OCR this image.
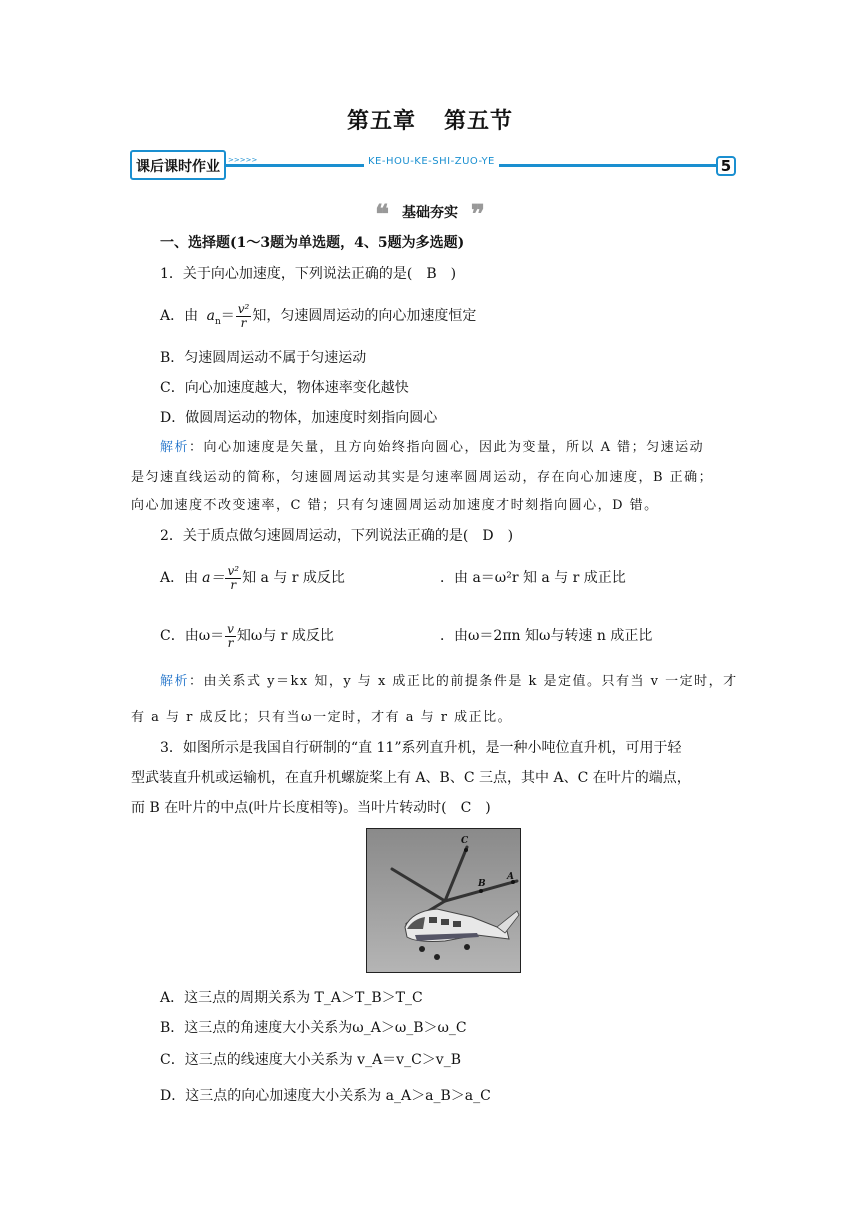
第五章 第五节
课后课时作业 >>>>>	KE-HOU-KE-SHI-ZUO-YE	5
❝ 基础夯实 ❞
一、选择题(1～3题为单选题，4、5题为多选题)
1．关于向心加速度，下列说法正确的是(　B　)
A．由 $a_n= \frac{\text{v²}}{r}$ 知，匀速圆周运动的向心加速度恒定
B．匀速圆周运动不属于匀速运动
C．向心加速度越大，物体速率变化越快
D．做圆周运动的物体，加速度时刻指向圆心
解析：向心加速度是矢量，且方向始终指向圆心，因此为变量，所以 A 错；匀速运动
是匀速直线运动的简称，匀速圆周运动其实是匀速率圆周运动，存在向心加速度，B 正确；
向心加速度不改变速率，C 错；只有匀速圆周运动加速度才时刻指向圆心，D 错。
2．关于质点做匀速圆周运动，下列说法正确的是(　D　)
A．由 $a= \frac{\text{v²}}{r}$ 知 a 与 r 成反比	．由 a＝ω²r 知 a 与 r 成正比
C．由$\omega= \frac{v}{r}$ 知ω与 r 成反比	．由ω＝2πn 知ω与转速 n 成正比
解析：由关系式 y＝kx 知，y 与 x 成正比的前提条件是 k 是定值。只有当 v 一定时，才
有 a 与 r 成反比；只有当ω一定时，才有 a 与 r 成正比。
3．如图所示是我国自行研制的“直 11”系列直升机，是一种小吨位直升机，可用于轻
型武装直升机或运输机，在直升机螺旋桨上有 A、B、C 三点，其中 A、C 在叶片的端点，
而 B 在叶片的中点(叶片长度相等)。当叶片转动时(　C　)
C
B
A
A．这三点的周期关系为 T_A＞T_B＞T_C
B．这三点的角速度大小关系为ω_A＞ω_B＞ω_C
C．这三点的线速度大小关系为 v_A＝v_C＞v_B
D．这三点的向心加速度大小关系为 a_A＞a_B＞a_C
